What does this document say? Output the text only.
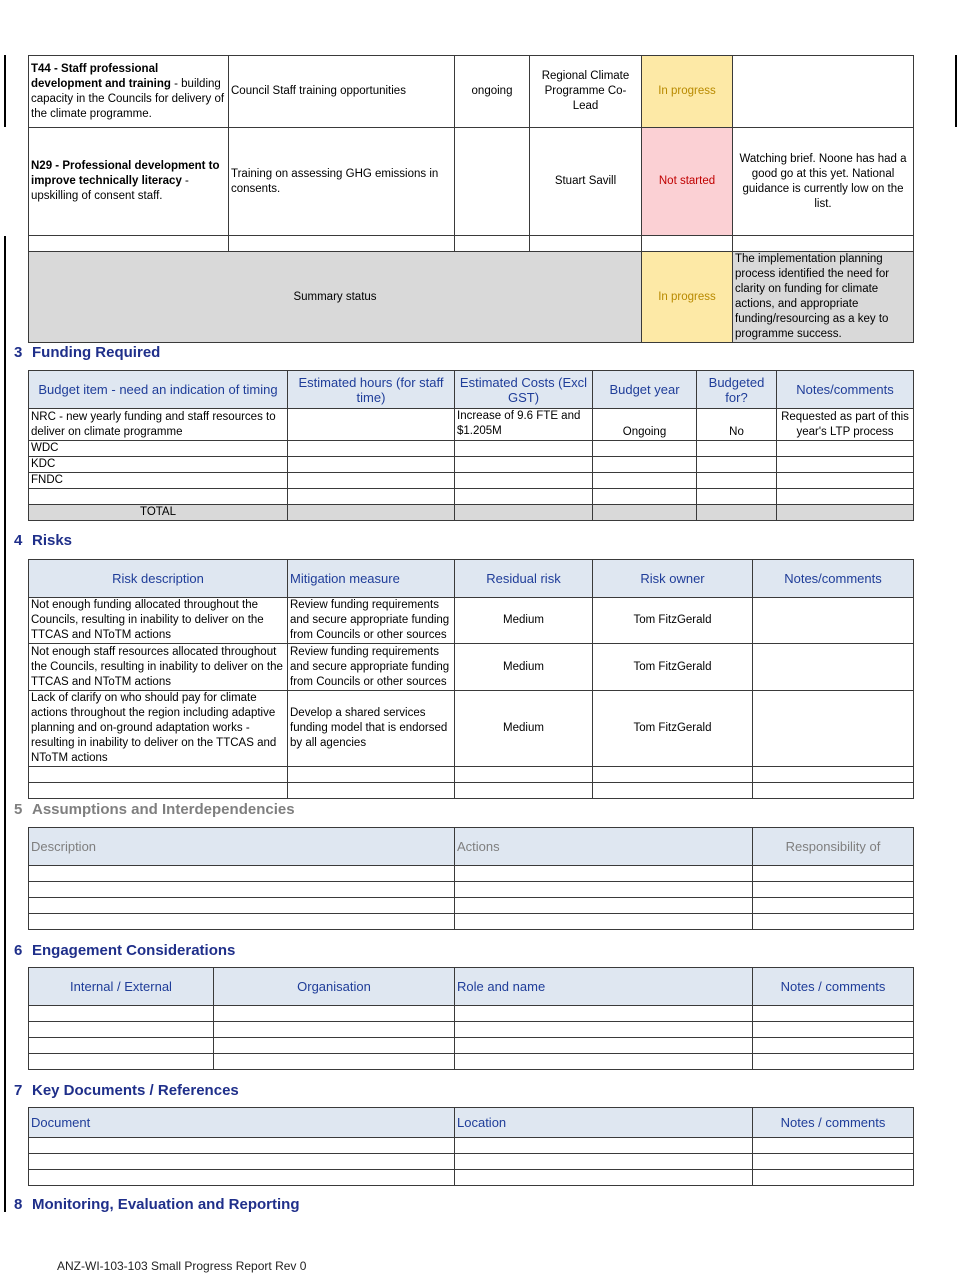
T44 - Staff professional development and training - building capacity in the Councils for delivery of the climate programme.	Council Staff training opportunities	ongoing	Regional Climate Programme Co-Lead	In progress	
N29 - Professional development to improve technically literacy - upskilling of consent staff.	Training on assessing GHG emissions in consents.		Stuart Savill	Not started	Watching brief. Noone has had a good go at this yet. National guidance is currently low on the list.

Summary status				In progress	The implementation planning process identified the need for clarity on funding for climate actions, and appropriate funding/resourcing as a key to programme success.
3 Funding Required
Budget item - need an indication of timing	Estimated hours (for staff time)	Estimated Costs (Excl GST)	Budget year	Budgeted for?	Notes/comments
NRC - new yearly funding and staff resources to deliver on climate programme		Increase of 9.6 FTE and $1.205M	Ongoing	No	Requested as part of this year's LTP process
WDC					
KDC					
FNDC					

TOTAL					
4 Risks
Risk description	Mitigation measure	Residual risk	Risk owner	Notes/comments
Not enough funding allocated throughout the Councils, resulting in inability to deliver on the TTCAS and NToTM actions	Review funding requirements and secure appropriate funding from Councils or other sources	Medium	Tom FitzGerald	
Not enough staff resources allocated throughout the Councils, resulting in inability to deliver on the TTCAS and NToTM actions	Review funding requirements and secure appropriate funding from Councils or other sources	Medium	Tom FitzGerald	
Lack of clarify on who should pay for climate actions throughout the region including adaptive planning and on-ground adaptation works - resulting in inability to deliver on the TTCAS and NToTM actions	Develop a shared services funding model that is endorsed by all agencies	Medium	Tom FitzGerald	

5 Assumptions and Interdependencies
Description	Actions	Responsibility of

6 Engagement Considerations
Internal / External	Organisation	Role and name	Notes / comments

7 Key Documents / References
Document	Location	Notes / comments

8 Monitoring, Evaluation and Reporting
ANZ-WI-103-103 Small Progress Report Rev 0
